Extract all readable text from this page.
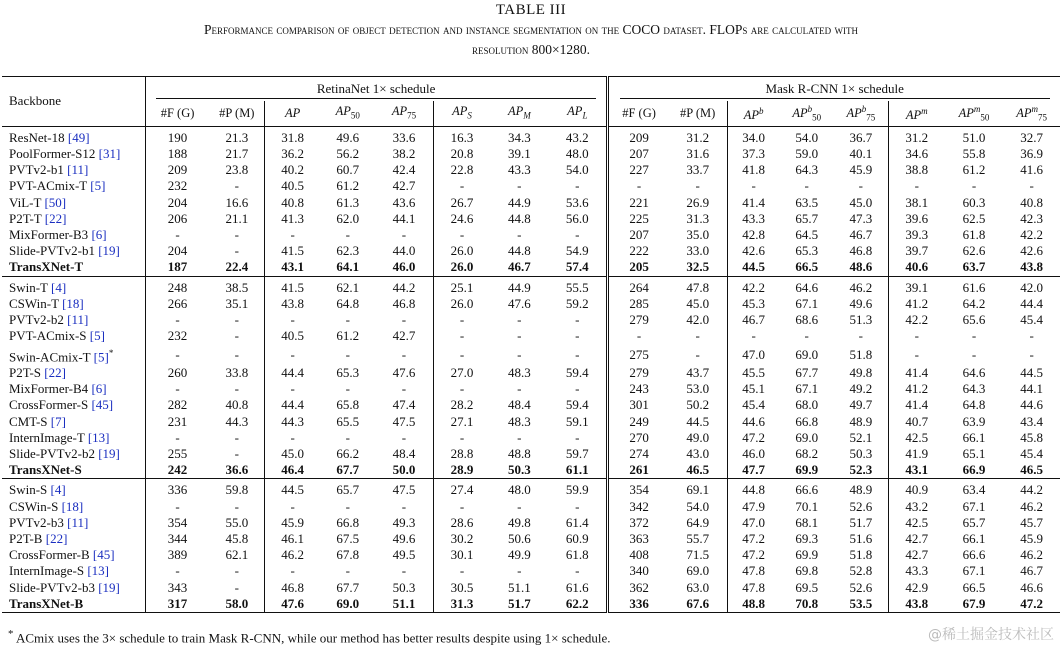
TABLE III
Performance comparison of object detection and instance segmentation on the COCO dataset. FLOPs are calculated with
resolution 800×1280.
Backbone	RetinaNet 1× schedule								Mask R-CNN 1× schedule							
	#F (G)	#P (M)	AP	$AP_{50}$	$AP_{75}$	$AP_S$	$AP_M$	$AP_L$	#F (G)	#P (M)	$AP^b$	$AP^b_{50}$	$AP^b_{75}$	$AP^m$	$AP^m_{50}$	$AP^m_{75}$
ResNet-18 [49]	190	21.3	31.8	49.6	33.6	16.3	34.3	43.2	209	31.2	34.0	54.0	36.7	31.2	51.0	32.7
PoolFormer-S12 [31]	188	21.7	36.2	56.2	38.2	20.8	39.1	48.0	207	31.6	37.3	59.0	40.1	34.6	55.8	36.9
PVTv2-b1 [11]	209	23.8	40.2	60.7	42.4	22.8	43.3	54.0	227	33.7	41.8	64.3	45.9	38.8	61.2	41.6
PVT-ACmix-T [5]	232	-	40.5	61.2	42.7	-	-	-	-	-	-	-	-	-	-	-
ViL-T [50]	204	16.6	40.8	61.3	43.6	26.7	44.9	53.6	221	26.9	41.4	63.5	45.0	38.1	60.3	40.8
P2T-T [22]	206	21.1	41.3	62.0	44.1	24.6	44.8	56.0	225	31.3	43.3	65.7	47.3	39.6	62.5	42.3
MixFormer-B3 [6]	-	-	-	-	-	-	-	-	207	35.0	42.8	64.5	46.7	39.3	61.8	42.2
Slide-PVTv2-b1 [19]	204	-	41.5	62.3	44.0	26.0	44.8	54.9	222	33.0	42.6	65.3	46.8	39.7	62.6	42.6
TransXNet-T	187	22.4	43.1	64.1	46.0	26.0	46.7	57.4	205	32.5	44.5	66.5	48.6	40.6	63.7	43.8
Swin-T [4]	248	38.5	41.5	62.1	44.2	25.1	44.9	55.5	264	47.8	42.2	64.6	46.2	39.1	61.6	42.0
CSWin-T [18]	266	35.1	43.8	64.8	46.8	26.0	47.6	59.2	285	45.0	45.3	67.1	49.6	41.2	64.2	44.4
PVTv2-b2 [11]	-	-	-	-	-	-	-	-	279	42.0	46.7	68.6	51.3	42.2	65.6	45.4
PVT-ACmix-S [5]	232	-	40.5	61.2	42.7	-	-	-	-	-	-	-	-	-	-	-
Swin-ACmix-T [5]*	-	-	-	-	-	-	-	-	275	-	47.0	69.0	51.8	-	-	-
P2T-S [22]	260	33.8	44.4	65.3	47.6	27.0	48.3	59.4	279	43.7	45.5	67.7	49.8	41.4	64.6	44.5
MixFormer-B4 [6]	-	-	-	-	-	-	-	-	243	53.0	45.1	67.1	49.2	41.2	64.3	44.1
CrossFormer-S [45]	282	40.8	44.4	65.8	47.4	28.2	48.4	59.4	301	50.2	45.4	68.0	49.7	41.4	64.8	44.6
CMT-S [7]	231	44.3	44.3	65.5	47.5	27.1	48.3	59.1	249	44.5	44.6	66.8	48.9	40.7	63.9	43.4
InternImage-T [13]	-	-	-	-	-	-	-	-	270	49.0	47.2	69.0	52.1	42.5	66.1	45.8
Slide-PVTv2-b2 [19]	255	-	45.0	66.2	48.4	28.8	48.8	59.7	274	43.0	46.0	68.2	50.3	41.9	65.1	45.4
TransXNet-S	242	36.6	46.4	67.7	50.0	28.9	50.3	61.1	261	46.5	47.7	69.9	52.3	43.1	66.9	46.5
Swin-S [4]	336	59.8	44.5	65.7	47.5	27.4	48.0	59.9	354	69.1	44.8	66.6	48.9	40.9	63.4	44.2
CSWin-S [18]	-	-	-	-	-	-	-	-	342	54.0	47.9	70.1	52.6	43.2	67.1	46.2
PVTv2-b3 [11]	354	55.0	45.9	66.8	49.3	28.6	49.8	61.4	372	64.9	47.0	68.1	51.7	42.5	65.7	45.7
P2T-B [22]	344	45.8	46.1	67.5	49.6	30.2	50.6	60.9	363	55.7	47.2	69.3	51.6	42.7	66.1	45.9
CrossFormer-B [45]	389	62.1	46.2	67.8	49.5	30.1	49.9	61.8	408	71.5	47.2	69.9	51.8	42.7	66.6	46.2
InternImage-S [13]	-	-	-	-	-	-	-	-	340	69.0	47.8	69.8	52.8	43.3	67.1	46.7
Slide-PVTv2-b3 [19]	343	-	46.8	67.7	50.3	30.5	51.1	61.6	362	63.0	47.8	69.5	52.6	42.9	66.5	46.6
TransXNet-B	317	58.0	47.6	69.0	51.1	31.3	51.7	62.2	336	67.6	48.8	70.8	53.5	43.8	67.9	47.2
* ACmix uses the 3× schedule to train Mask R-CNN, while our method has better results despite using 1× schedule.	@稀土掘金技术社区
